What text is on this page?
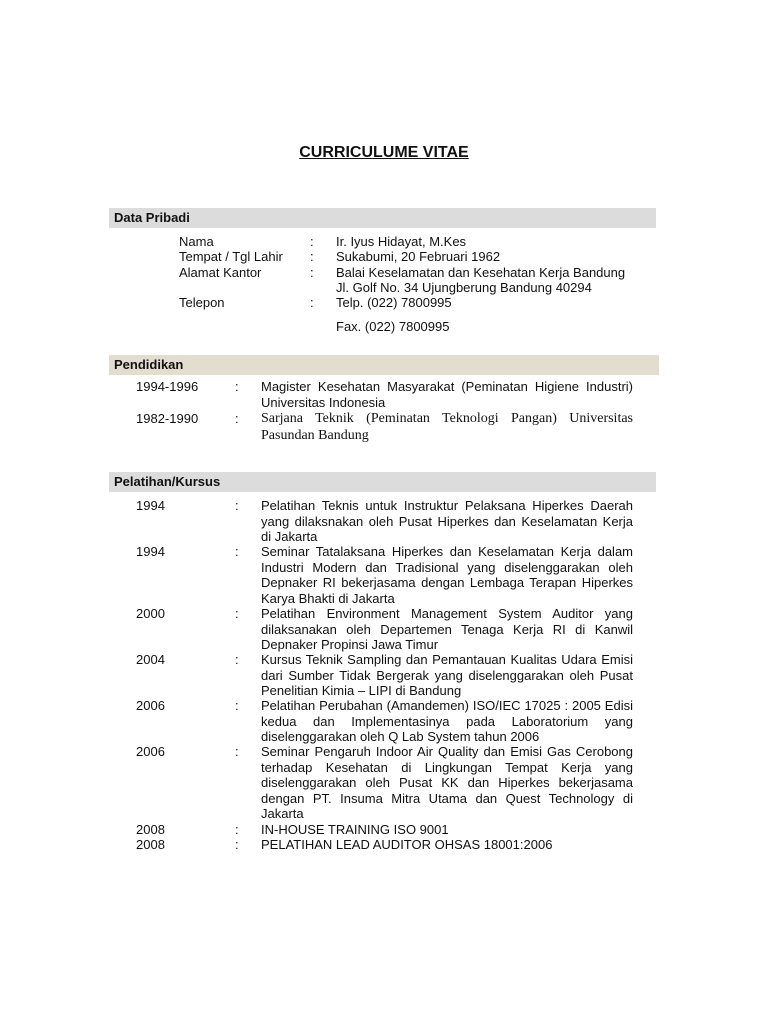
CURRICULUME VITAE
Data Pribadi
Nama	: Ir. Iyus Hidayat, M.Kes
Tempat / Tgl Lahir : Sukabumi, 20 Februari 1962
Alamat Kantor	: Balai Keselamatan dan Kesehatan Kerja Bandung
Jl. Golf No. 34 Ujungberung Bandung 40294
Telepon	: Telp. (022) 7800995
Fax. (022) 7800995
Pendidikan
1994-1996	: Magister Kesehatan Masyarakat (Peminatan Higiene Industri) Universitas Indonesia
1982-1990	: Sarjana Teknik (Peminatan Teknologi Pangan) Universitas Pasundan Bandung
Pelatihan/Kursus
1994	: Pelatihan Teknis untuk Instruktur Pelaksana Hiperkes Daerah yang dilaksnakan oleh Pusat Hiperkes dan Keselamatan Kerja di Jakarta
1994	: Seminar Tatalaksana Hiperkes dan Keselamatan Kerja dalam Industri Modern dan Tradisional yang diselenggarakan oleh Depnaker RI bekerjasama dengan Lembaga Terapan Hiperkes Karya Bhakti di Jakarta
2000	: Pelatihan Environment Management System Auditor yang dilaksanakan oleh Departemen Tenaga Kerja RI di Kanwil Depnaker Propinsi Jawa Timur
2004	: Kursus Teknik Sampling dan Pemantauan Kualitas Udara Emisi dari Sumber Tidak Bergerak yang diselenggarakan oleh Pusat Penelitian Kimia – LIPI di Bandung
2006	: Pelatihan Perubahan (Amandemen) ISO/IEC 17025 : 2005 Edisi kedua dan Implementasinya pada Laboratorium yang diselenggarakan oleh Q Lab System tahun 2006
2006	: Seminar Pengaruh Indoor Air Quality dan Emisi Gas Cerobong terhadap Kesehatan di Lingkungan Tempat Kerja yang diselenggarakan oleh Pusat KK dan Hiperkes bekerjasama dengan PT. Insuma Mitra Utama dan Quest Technology di Jakarta
2008	: IN-HOUSE TRAINING ISO 9001
2008	: PELATIHAN LEAD AUDITOR OHSAS 18001:2006
